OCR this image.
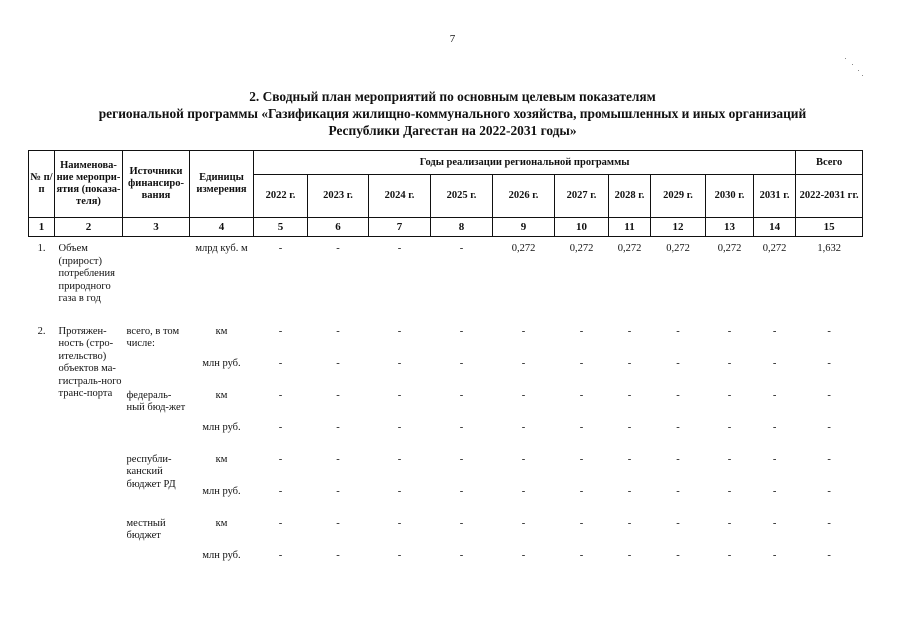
7
2. Сводный план мероприятий по основным целевым показателям
региональной программы «Газификация жилищно-коммунального хозяйства, промышленных и иных организаций
Республики Дагестан на 2022-2031 годы»
№ п/п	Наименова-ние меропри-ятия (показа-теля)	Источники финансиро-вания	Единицы измерения	Годы реализации региональной программы										Всего
				2022 г.	2023 г.	2024 г.	2025 г.	2026 г.	2027 г.	2028 г.	2029 г.	2030 г.	2031 г.	2022-2031 гг.
1	2	3	4	5	6	7	8	9	10	11	12	13	14	15
1.	Объем (прирост) потребления природного газа в год		млрд куб. м	-	-	-	-	0,272	0,272	0,272	0,272	0,272	0,272	1,632

2.	Протяжен-ность (стро-ительство) объектов ма-гистраль-ного транс-порта	всего, в том числе:	км	-	-	-	-	-	-	-	-	-	-	-
			млн руб.	-	-	-	-	-	-	-	-	-	-	-
		федераль-ный бюд-жет	км	-	-	-	-	-	-	-	-	-	-	-
			млн руб.	-	-	-	-	-	-	-	-	-	-	-
		республи-канский бюджет РД	км	-	-	-	-	-	-	-	-	-	-	-
			млн руб.	-	-	-	-	-	-	-	-	-	-	-
		местный бюджет	км	-	-	-	-	-	-	-	-	-	-	-
			млн руб.	-	-	-	-	-	-	-	-	-	-	-
